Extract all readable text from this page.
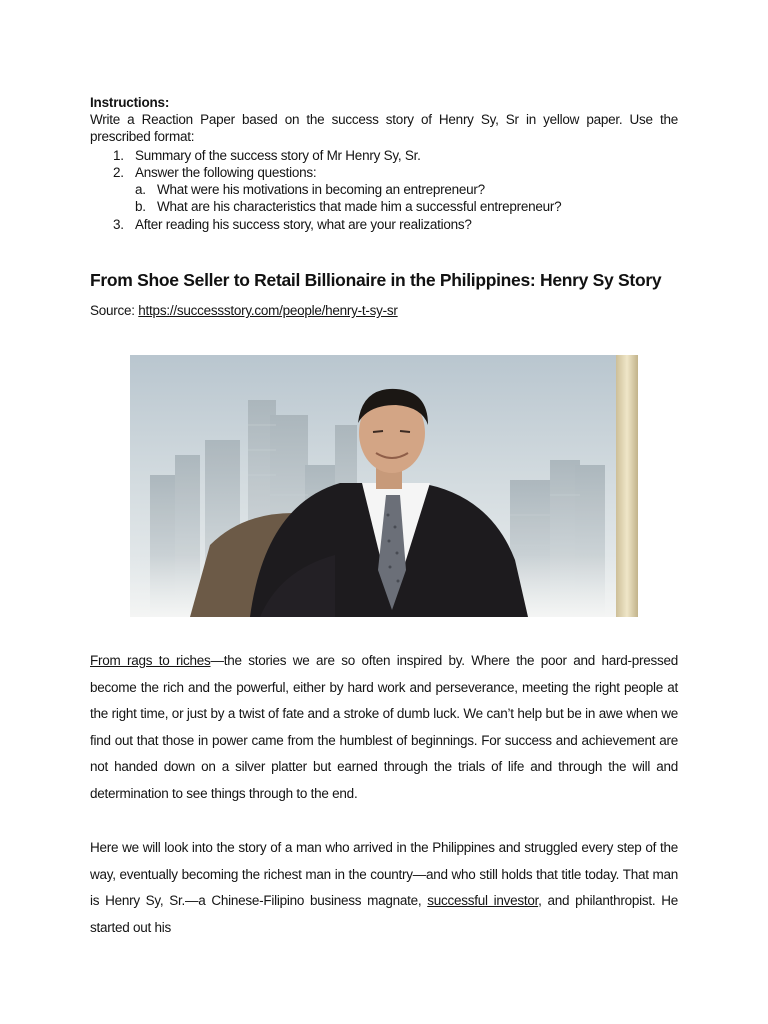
Instructions:
Write a Reaction Paper based on the success story of Henry Sy, Sr in yellow paper. Use the prescribed format:
1. Summary of the success story of Mr Henry Sy, Sr.
2. Answer the following questions:
a. What were his motivations in becoming an entrepreneur?
b. What are his characteristics that made him a successful entrepreneur?
3. After reading his success story, what are your realizations?
From Shoe Seller to Retail Billionaire in the Philippines: Henry Sy Story
Source: https://successstory.com/people/henry-t-sy-sr
From rags to riches—the stories we are so often inspired by. Where the poor and hard-pressed become the rich and the powerful, either by hard work and perseverance, meeting the right people at the right time, or just by a twist of fate and a stroke of dumb luck. We can’t help but be in awe when we find out that those in power came from the humblest of beginnings. For success and achievement are not handed down on a silver platter but earned through the trials of life and through the will and determination to see things through to the end.
Here we will look into the story of a man who arrived in the Philippines and struggled every step of the way, eventually becoming the richest man in the country—and who still holds that title today. That man is Henry Sy, Sr.—a Chinese-Filipino business magnate, successful investor, and philanthropist. He started out his
